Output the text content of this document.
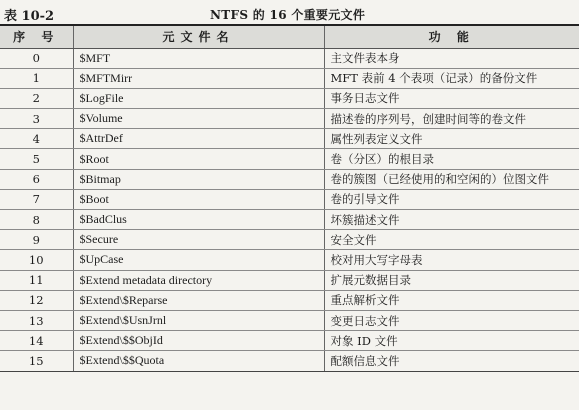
表 10-2	NTFS 的 16 个重要元文件
序 号	元文件名	功 能
0	$MFT	主文件表本身
1	$MFTMirr	MFT 表前 4 个表项（记录）的备份文件
2	$LogFile	事务日志文件
3	$Volume	描述卷的序列号，创建时间等的卷文件
4	$AttrDef	属性列表定义文件
5	$Root	卷（分区）的根目录
6	$Bitmap	卷的簇图（已经使用的和空闲的）位图文件
7	$Boot	卷的引导文件
8	$BadClus	坏簇描述文件
9	$Secure	安全文件
10	$UpCase	校对用大写字母表
11	$Extend metadata directory	扩展元数据目录
12	$Extend\$Reparse	重点解析文件
13	$Extend\$UsnJrnl	变更日志文件
14	$Extend\$$ObjId	对象 ID 文件
15	$Extend\$$Quota	配额信息文件
